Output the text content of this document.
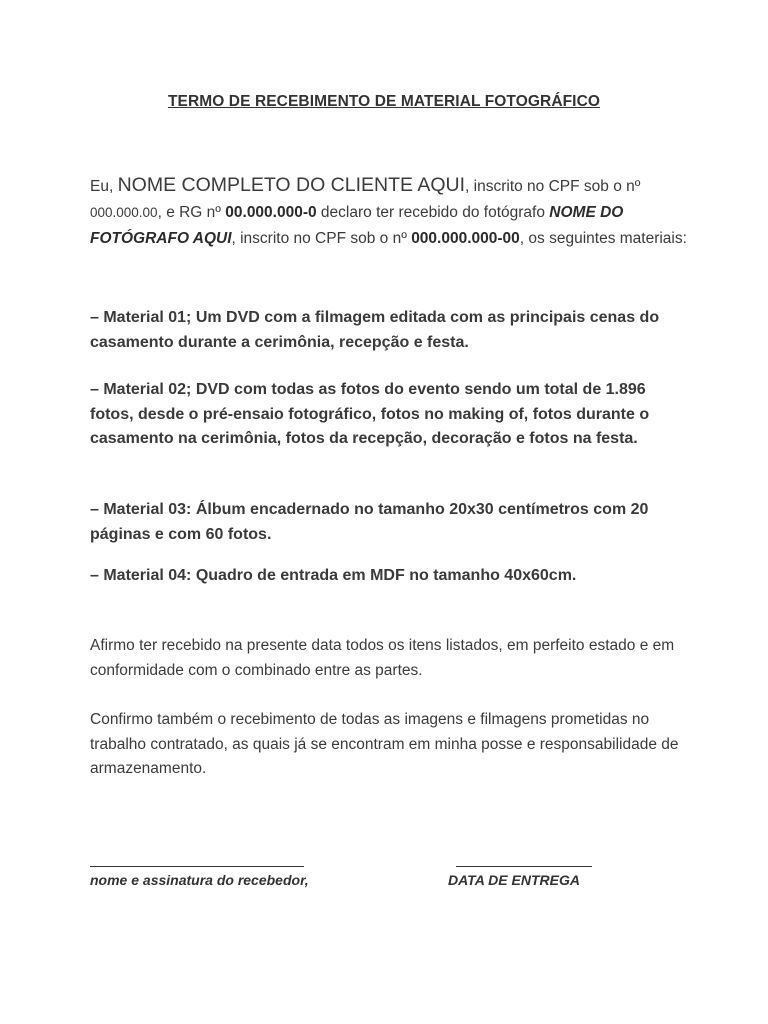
TERMO DE RECEBIMENTO DE MATERIAL FOTOGRÁFICO
Eu, NOME COMPLETO DO CLIENTE AQUI, inscrito no CPF sob o nº 000.000.00, e RG nº 00.000.000-0 declaro ter recebido do fotógrafo NOME DO FOTÓGRAFO AQUI, inscrito no CPF sob o nº 000.000.000-00, os seguintes materiais:
– Material 01; Um DVD com a filmagem editada com as principais cenas do casamento durante a cerimônia, recepção e festa.
– Material 02; DVD com todas as fotos do evento sendo um total de 1.896 fotos, desde o pré-ensaio fotográfico, fotos no making of, fotos durante o casamento na cerimônia, fotos da recepção, decoração e fotos na festa.
– Material 03: Álbum encadernado no tamanho 20x30 centímetros com 20 páginas e com 60 fotos.
– Material 04: Quadro de entrada em MDF no tamanho 40x60cm.
Afirmo ter recebido na presente data todos os itens listados, em perfeito estado e em conformidade com o combinado entre as partes.
Confirmo também o recebimento de todas as imagens e filmagens prometidas no trabalho contratado, as quais já se encontram em minha posse e responsabilidade de armazenamento.
nome e assinatura do recebedor,	DATA DE ENTREGA
